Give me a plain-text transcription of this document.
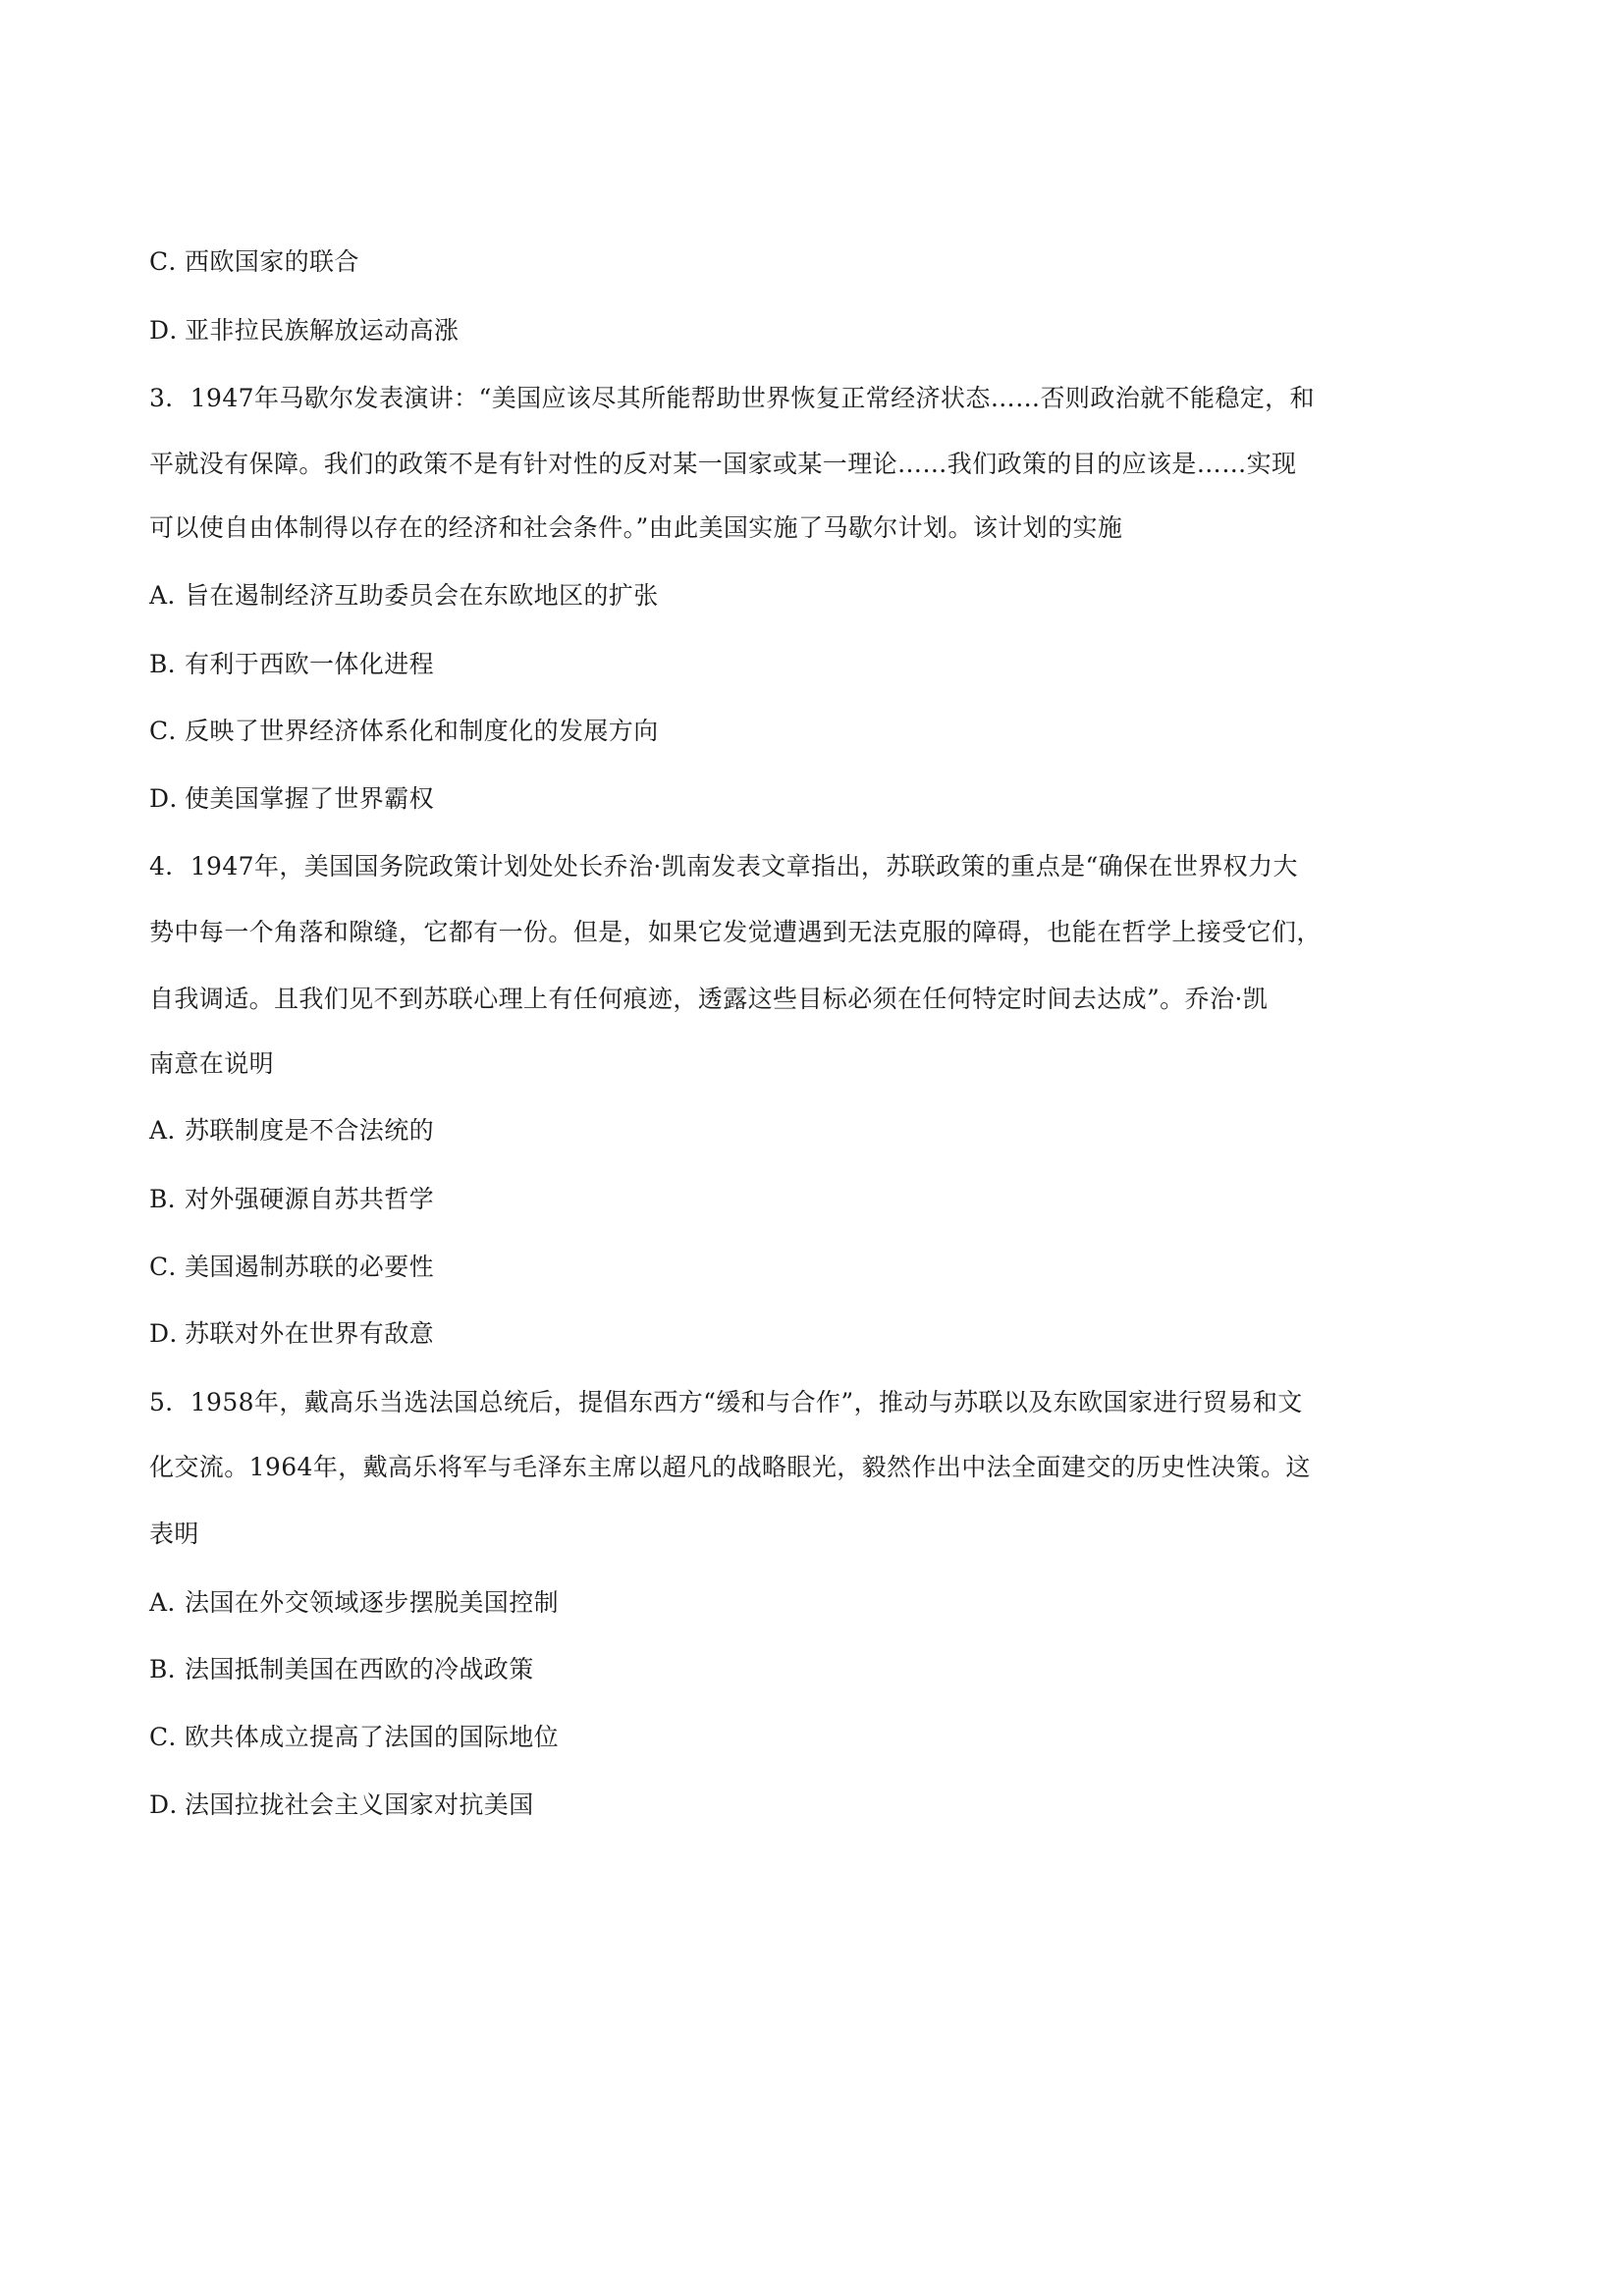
C．西欧国家的联合
D．亚非拉民族解放运动高涨
3．1947年马歇尔发表演讲：“美国应该尽其所能帮助世界恢复正常经济状态……否则政治就不能稳定，和
平就没有保障。我们的政策不是有针对性的反对某一国家或某一理论……我们政策的目的应该是……实现
可以使自由体制得以存在的经济和社会条件。”由此美国实施了马歇尔计划。该计划的实施
A．旨在遏制经济互助委员会在东欧地区的扩张
B．有利于西欧一体化进程
C．反映了世界经济体系化和制度化的发展方向
D．使美国掌握了世界霸权
4．1947年，美国国务院政策计划处处长乔治·凯南发表文章指出，苏联政策的重点是“确保在世界权力大
势中每一个角落和隙缝，它都有一份。但是，如果它发觉遭遇到无法克服的障碍，也能在哲学上接受它们，
自我调适。且我们见不到苏联心理上有任何痕迹，透露这些目标必须在任何特定时间去达成”。乔治·凯
南意在说明
A．苏联制度是不合法统的
B．对外强硬源自苏共哲学
C．美国遏制苏联的必要性
D．苏联对外在世界有敌意
5．1958年，戴高乐当选法国总统后，提倡东西方“缓和与合作”，推动与苏联以及东欧国家进行贸易和文
化交流。1964年，戴高乐将军与毛泽东主席以超凡的战略眼光，毅然作出中法全面建交的历史性决策。这
表明
A．法国在外交领域逐步摆脱美国控制
B．法国抵制美国在西欧的冷战政策
C．欧共体成立提高了法国的国际地位
D．法国拉拢社会主义国家对抗美国
